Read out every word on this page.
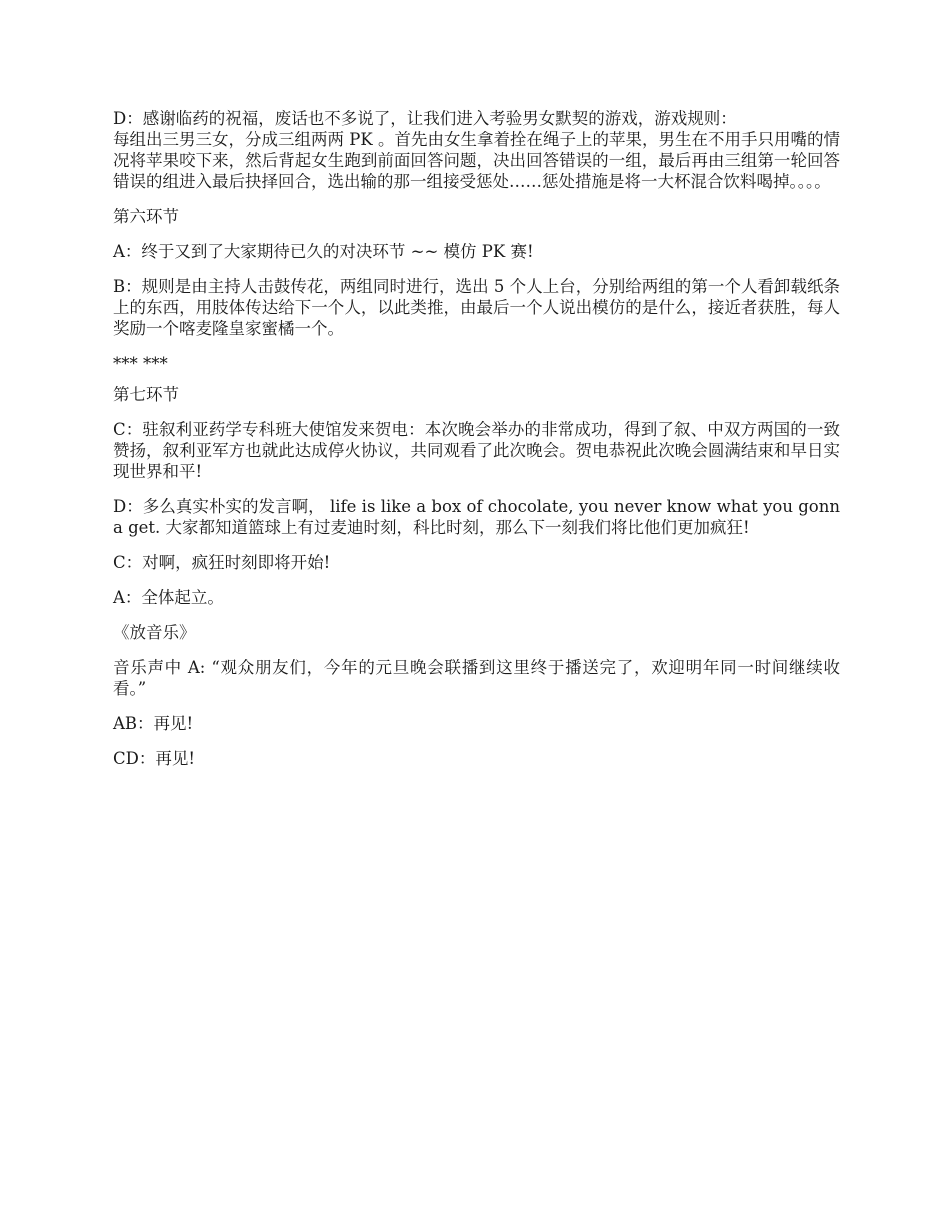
D：感谢临药的祝福，废话也不多说了，让我们进入考验男女默契的游戏，游戏规则：
每组出三男三女，分成三组两两 PK 。首先由女生拿着拴在绳子上的苹果，男生在不用手只用嘴的情况将苹果咬下来，然后背起女生跑到前面回答问题，决出回答错误的一组，最后再由三组第一轮回答错误的组进入最后抉择回合，选出输的那一组接受惩处……惩处措施是将一大杯混合饮料喝掉。。。。

第六环节

A：终于又到了大家期待已久的对决环节 ~~ 模仿 PK 赛!

B：规则是由主持人击鼓传花，两组同时进行，选出 5 个人上台，分别给两组的第一个人看卸载纸条上的东西，用肢体传达给下一个人，以此类推，由最后一个人说出模仿的是什么，接近者获胜，每人奖励一个喀麦隆皇家蜜橘一个。

*** ***

第七环节

C：驻叙利亚药学专科班大使馆发来贺电：本次晚会举办的非常成功，得到了叙、中双方两国的一致赞扬，叙利亚军方也就此达成停火协议，共同观看了此次晚会。贺电恭祝此次晚会圆满结束和早日实现世界和平!

D：多么真实朴实的发言啊， life is like a box of chocolate, you never know what you gonna get. 大家都知道篮球上有过麦迪时刻，科比时刻，那么下一刻我们将比他们更加疯狂!

C：对啊，疯狂时刻即将开始!

A：全体起立。

《放音乐》

音乐声中 A: “观众朋友们，今年的元旦晚会联播到这里终于播送完了，欢迎明年同一时间继续收看。”

AB：再见!

CD：再见!
